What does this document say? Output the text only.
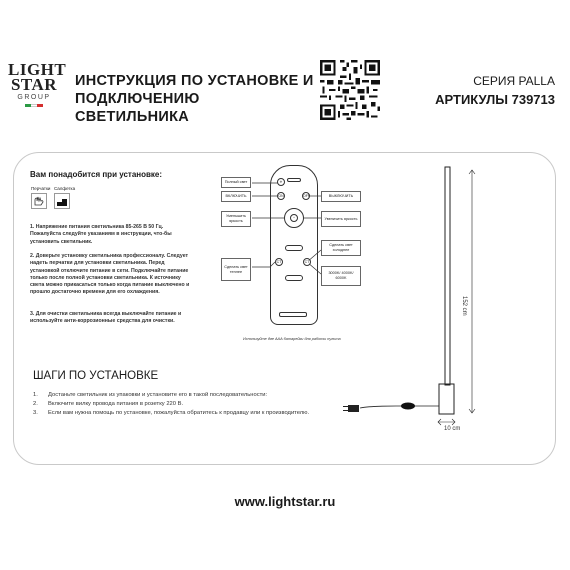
LIGHT
STAR
GROUP
ИНСТРУКЦИЯ ПО УСТАНОВКЕ И
ПОДКЛЮЧЕНИЮ СВЕТИЛЬНИКА
СЕРИЯ PALLA
АРТИКУЛЫ 739713
Вам понадобится при установке:
Перчатки Салфетка
1. Напряжение питания светильника 85-265 В 50 Гц. Пожалуйста следуйте указаниям в инструкции, что-бы установить светильник.
2. Доверьте установку светильника профессионалу. Следует надеть перчатки для установки светильника. Перед установкой отключите питание в сети. Подключайте питание только после полной установки светильника. К источнику света можно прикасаться только когда питание выключено и прошло достаточно времени для его охлаждения.
3. Для очистки светильника всегда выключайте питание и используйте анти-коррозионные средства для очистки.
☀
ON	OFF
◦
CT	CT
Полный свет
ВКЛЮЧИТЬ	ВЫКЛЮЧИТЬ
Уменьшить яркость
Увеличить яркость
Сделать свет теплее
Сделать свет холоднее
3000K/ 4000K/ 6000K
Используйте две ААА батарейки для работы пульта
152 cm
10 cm
ШАГИ ПО УСТАНОВКЕ
1. Достаньте светильник из упаковки и установите его в такой последовательности:
2. Включите вилку провода питания в розетку 220 В.
3. Если вам нужна помощь по установке, пожалуйста обратитесь к продавцу или к производителю.
www.lightstar.ru
